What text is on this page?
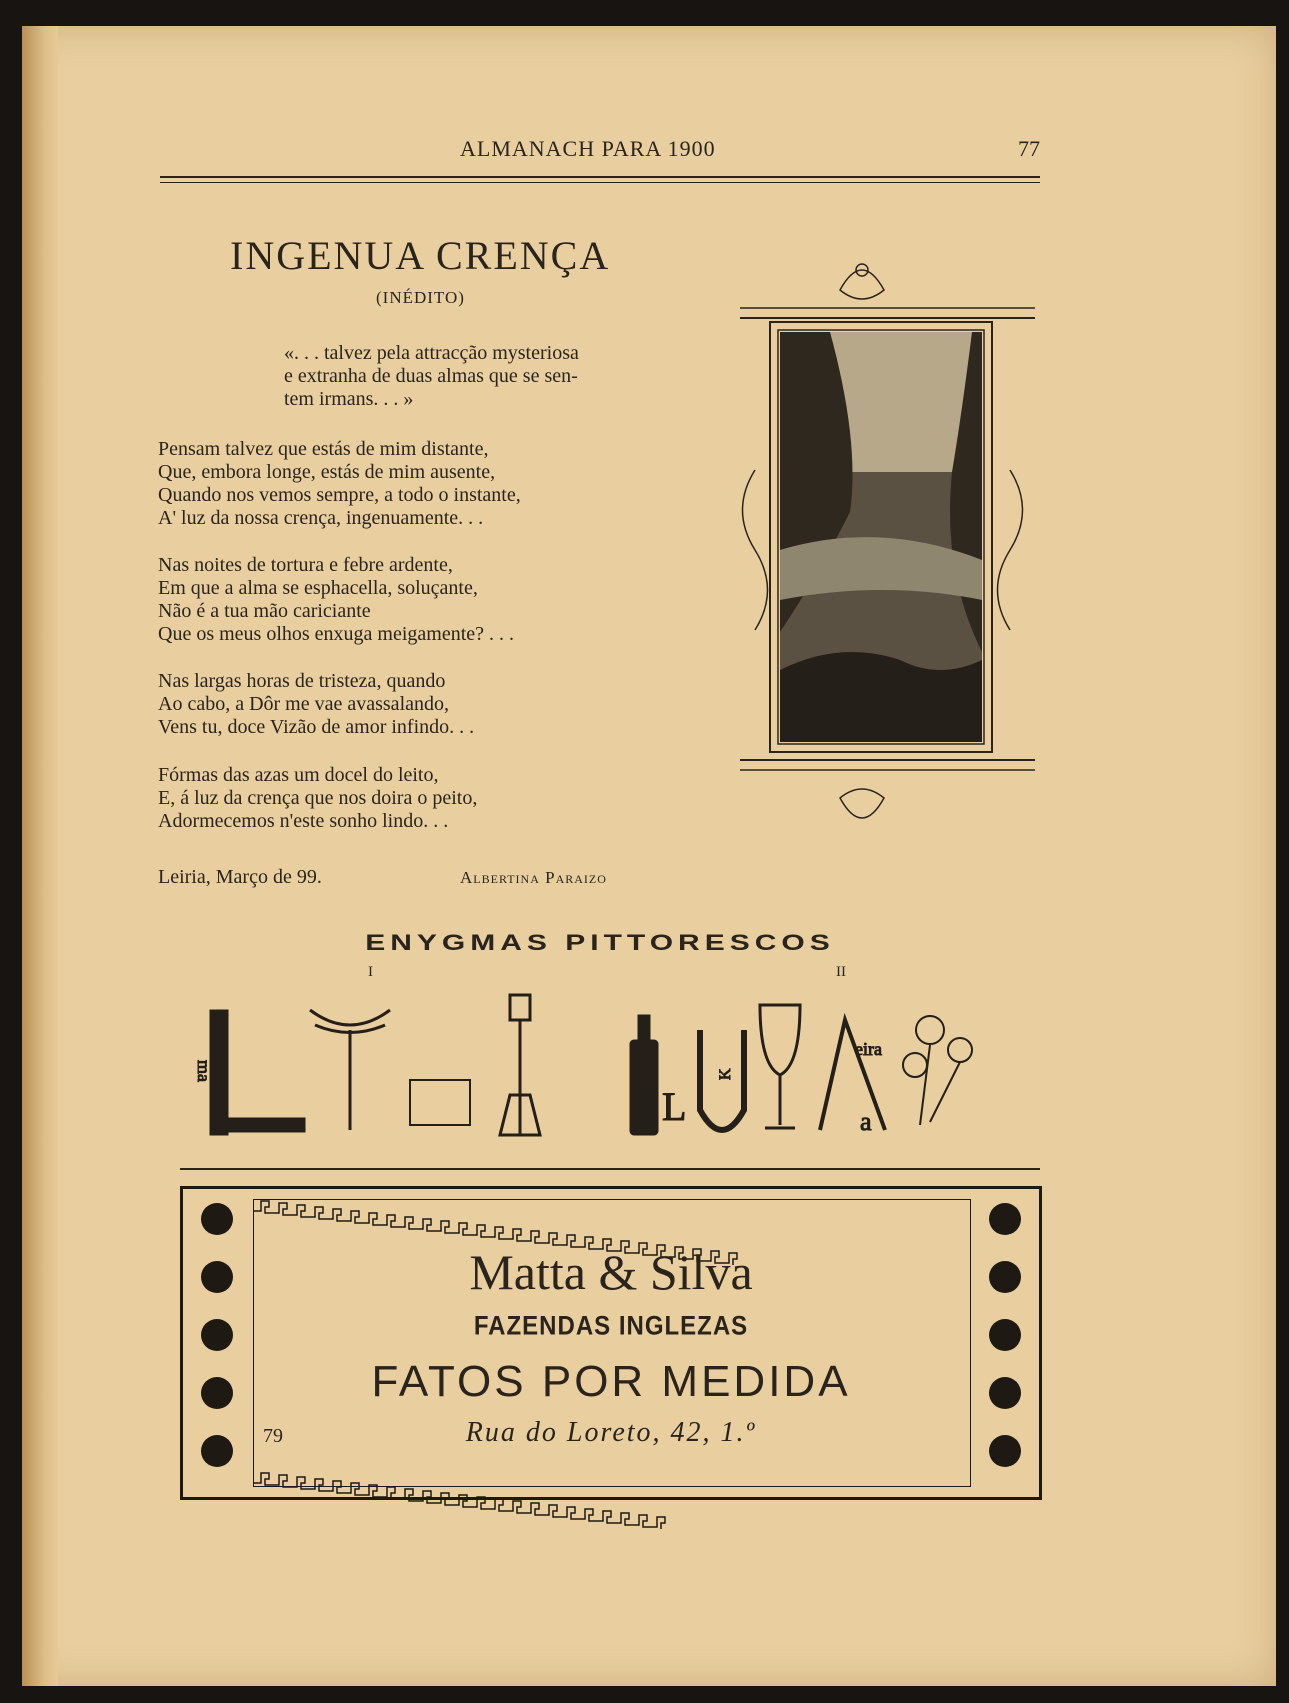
ALMANACH PARA 1900	77
INGENUA CRENÇA
(INÉDITO)
«. . . talvez pela attracção mysteriosa
e extranha de duas almas que se sen-
tem irmans. . . »
Pensam talvez que estás de mim distante,
Que, embora longe, estás de mim ausente,
Quando nos vemos sempre, a todo o instante,
A' luz da nossa crença, ingenuamente. . .
Nas noites de tortura e febre ardente,
Em que a alma se esphacella, soluçante,
Não é a tua mão cariciante
Que os meus olhos enxuga meigamente? . . .
Nas largas horas de tristeza, quando
Ao cabo, a Dôr me vae avassalando,
Vens tu, doce Vizão de amor infindo. . .
Fórmas das azas um docel do leito,
E, á luz da crença que nos doira o peito,
Adormecemos n'este sonho lindo. . .
Leiria, Março de 99.	Albertina Paraizo
ENYGMAS PITTORESCOS
I	II
ma
L
K
eira
a
Matta & Silva
FAZENDAS INGLEZAS
FATOS POR MEDIDA
Rua do Loreto, 42, 1.º
79
